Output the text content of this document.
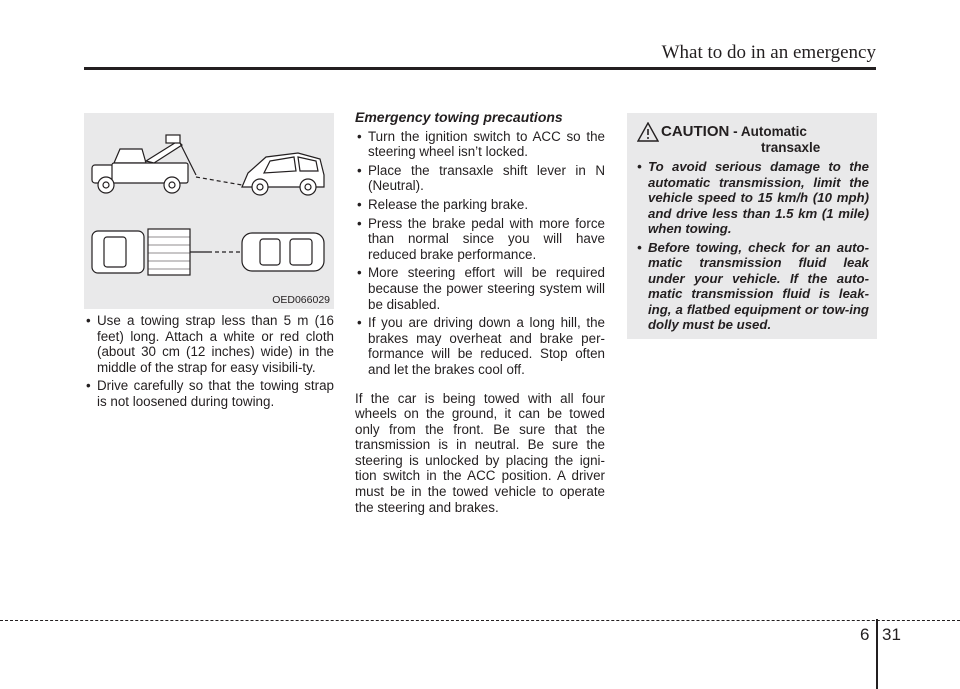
What to do in an emergency
OED066029
• Use a towing strap less than 5 m (16 feet) long. Attach a white or red cloth (about 30 cm (12 inches) wide) in the middle of the strap for easy visibili-ty.
• Drive carefully so that the towing strap is not loosened during towing.
Emergency towing precautions
• Turn the ignition switch to ACC so the steering wheel isn’t locked.
• Place the transaxle shift lever in N (Neutral).
• Release the parking brake.
• Press the brake pedal with more force than normal since you will have reduced brake performance.
• More steering effort will be required because the power steering system will be disabled.
• If you are driving down a long hill, the brakes may overheat and brake per-formance will be reduced. Stop often and let the brakes cool off.
If the car is being towed with all four wheels on the ground, it can be towed only from the front. Be sure that the transmission is in neutral. Be sure the steering is unlocked by placing the igni-tion switch in the ACC position. A driver must be in the towed vehicle to operate the steering and brakes.
CAUTION - Automatic
transaxle
• To avoid serious damage to the automatic transmission, limit the vehicle speed to 15 km/h (10 mph) and drive less than 1.5 km (1 mile) when towing.
• Before towing, check for an auto-matic transmission fluid leak under your vehicle. If the auto-matic transmission fluid is leak-ing, a flatbed equipment or tow-ing dolly must be used.
6 31
